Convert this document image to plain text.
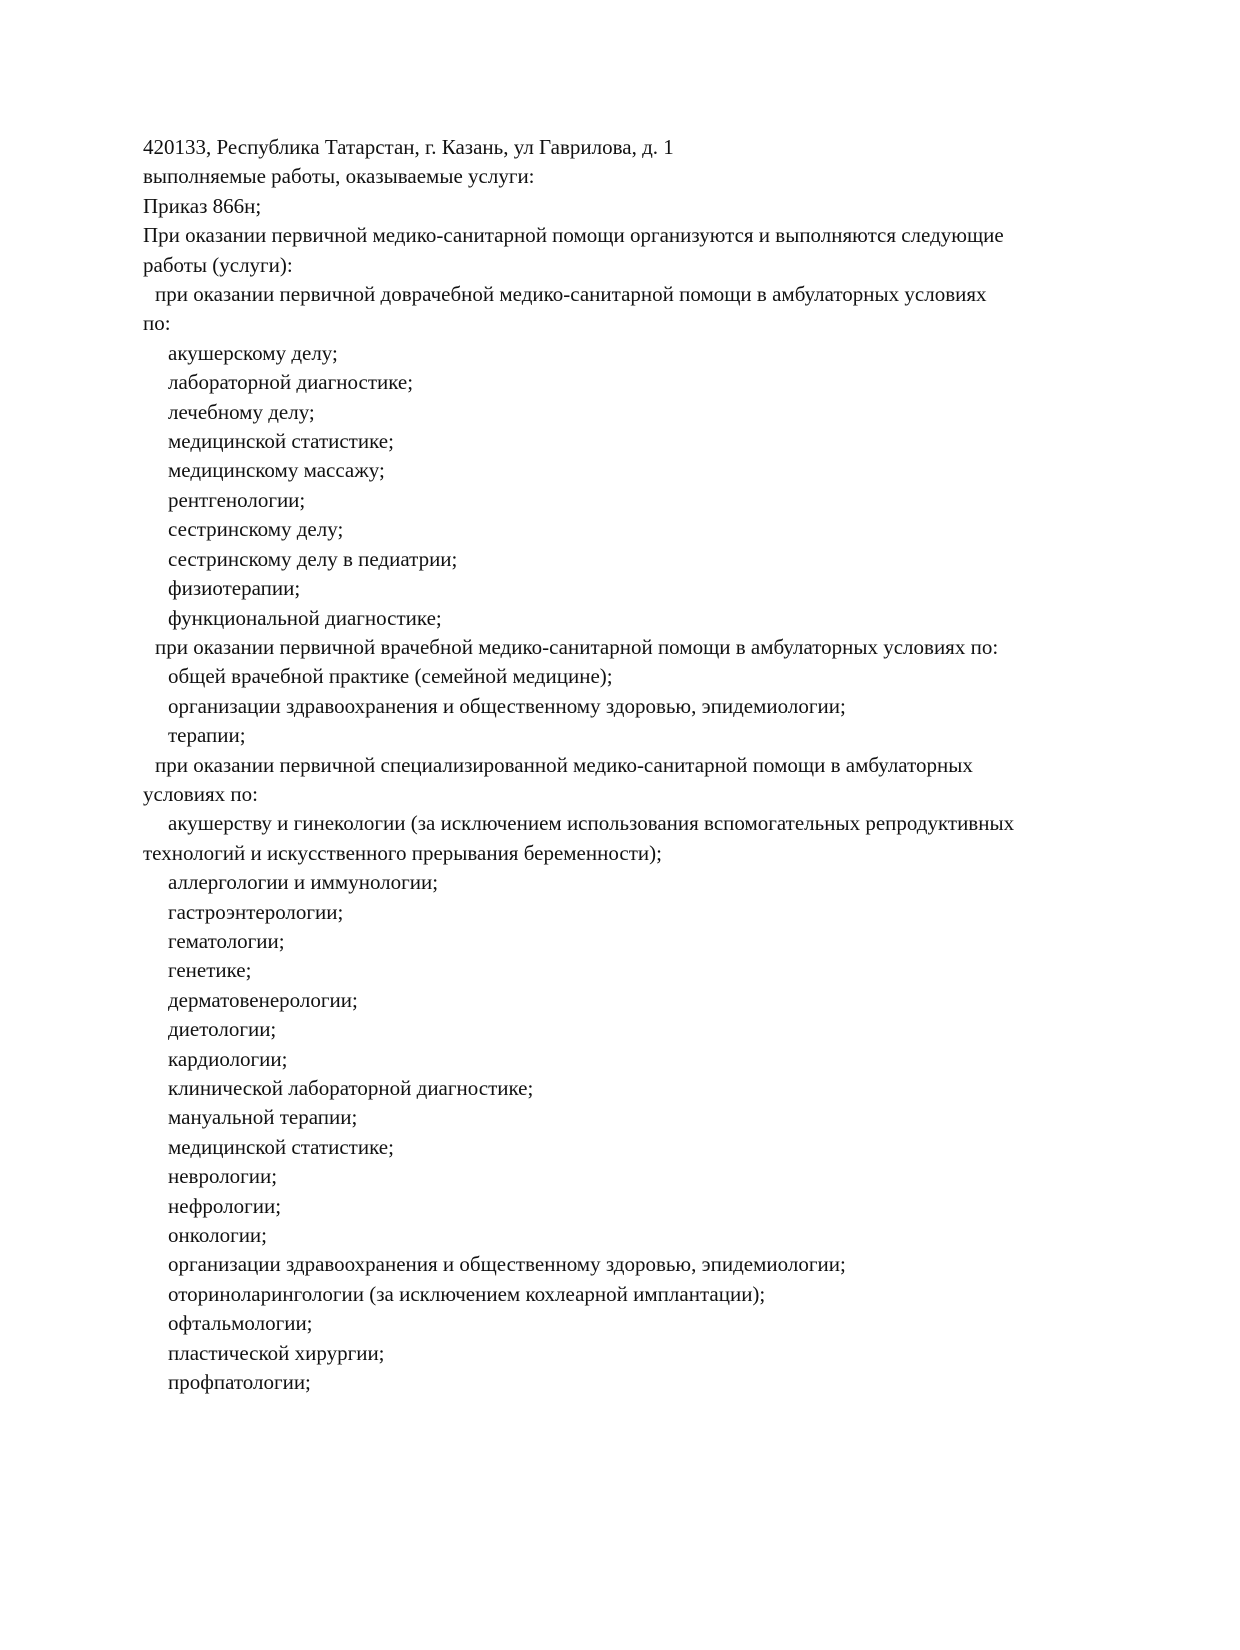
420133, Республика Татарстан, г. Казань, ул Гаврилова, д. 1
выполняемые работы, оказываемые услуги:
Приказ 866н;
При оказании первичной медико-санитарной помощи организуются и выполняются следующие
работы (услуги):
при оказании первичной доврачебной медико-санитарной помощи в амбулаторных условиях
по:
акушерскому делу;
лабораторной диагностике;
лечебному делу;
медицинской статистике;
медицинскому массажу;
рентгенологии;
сестринскому делу;
сестринскому делу в педиатрии;
физиотерапии;
функциональной диагностике;
при оказании первичной врачебной медико-санитарной помощи в амбулаторных условиях по:
общей врачебной практике (семейной медицине);
организации здравоохранения и общественному здоровью, эпидемиологии;
терапии;
при оказании первичной специализированной медико-санитарной помощи в амбулаторных
условиях по:
акушерству и гинекологии (за исключением использования вспомогательных репродуктивных
технологий и искусственного прерывания беременности);
аллергологии и иммунологии;
гастроэнтерологии;
гематологии;
генетике;
дерматовенерологии;
диетологии;
кардиологии;
клинической лабораторной диагностике;
мануальной терапии;
медицинской статистике;
неврологии;
нефрологии;
онкологии;
организации здравоохранения и общественному здоровью, эпидемиологии;
оториноларингологии (за исключением кохлеарной имплантации);
офтальмологии;
пластической хирургии;
профпатологии;
